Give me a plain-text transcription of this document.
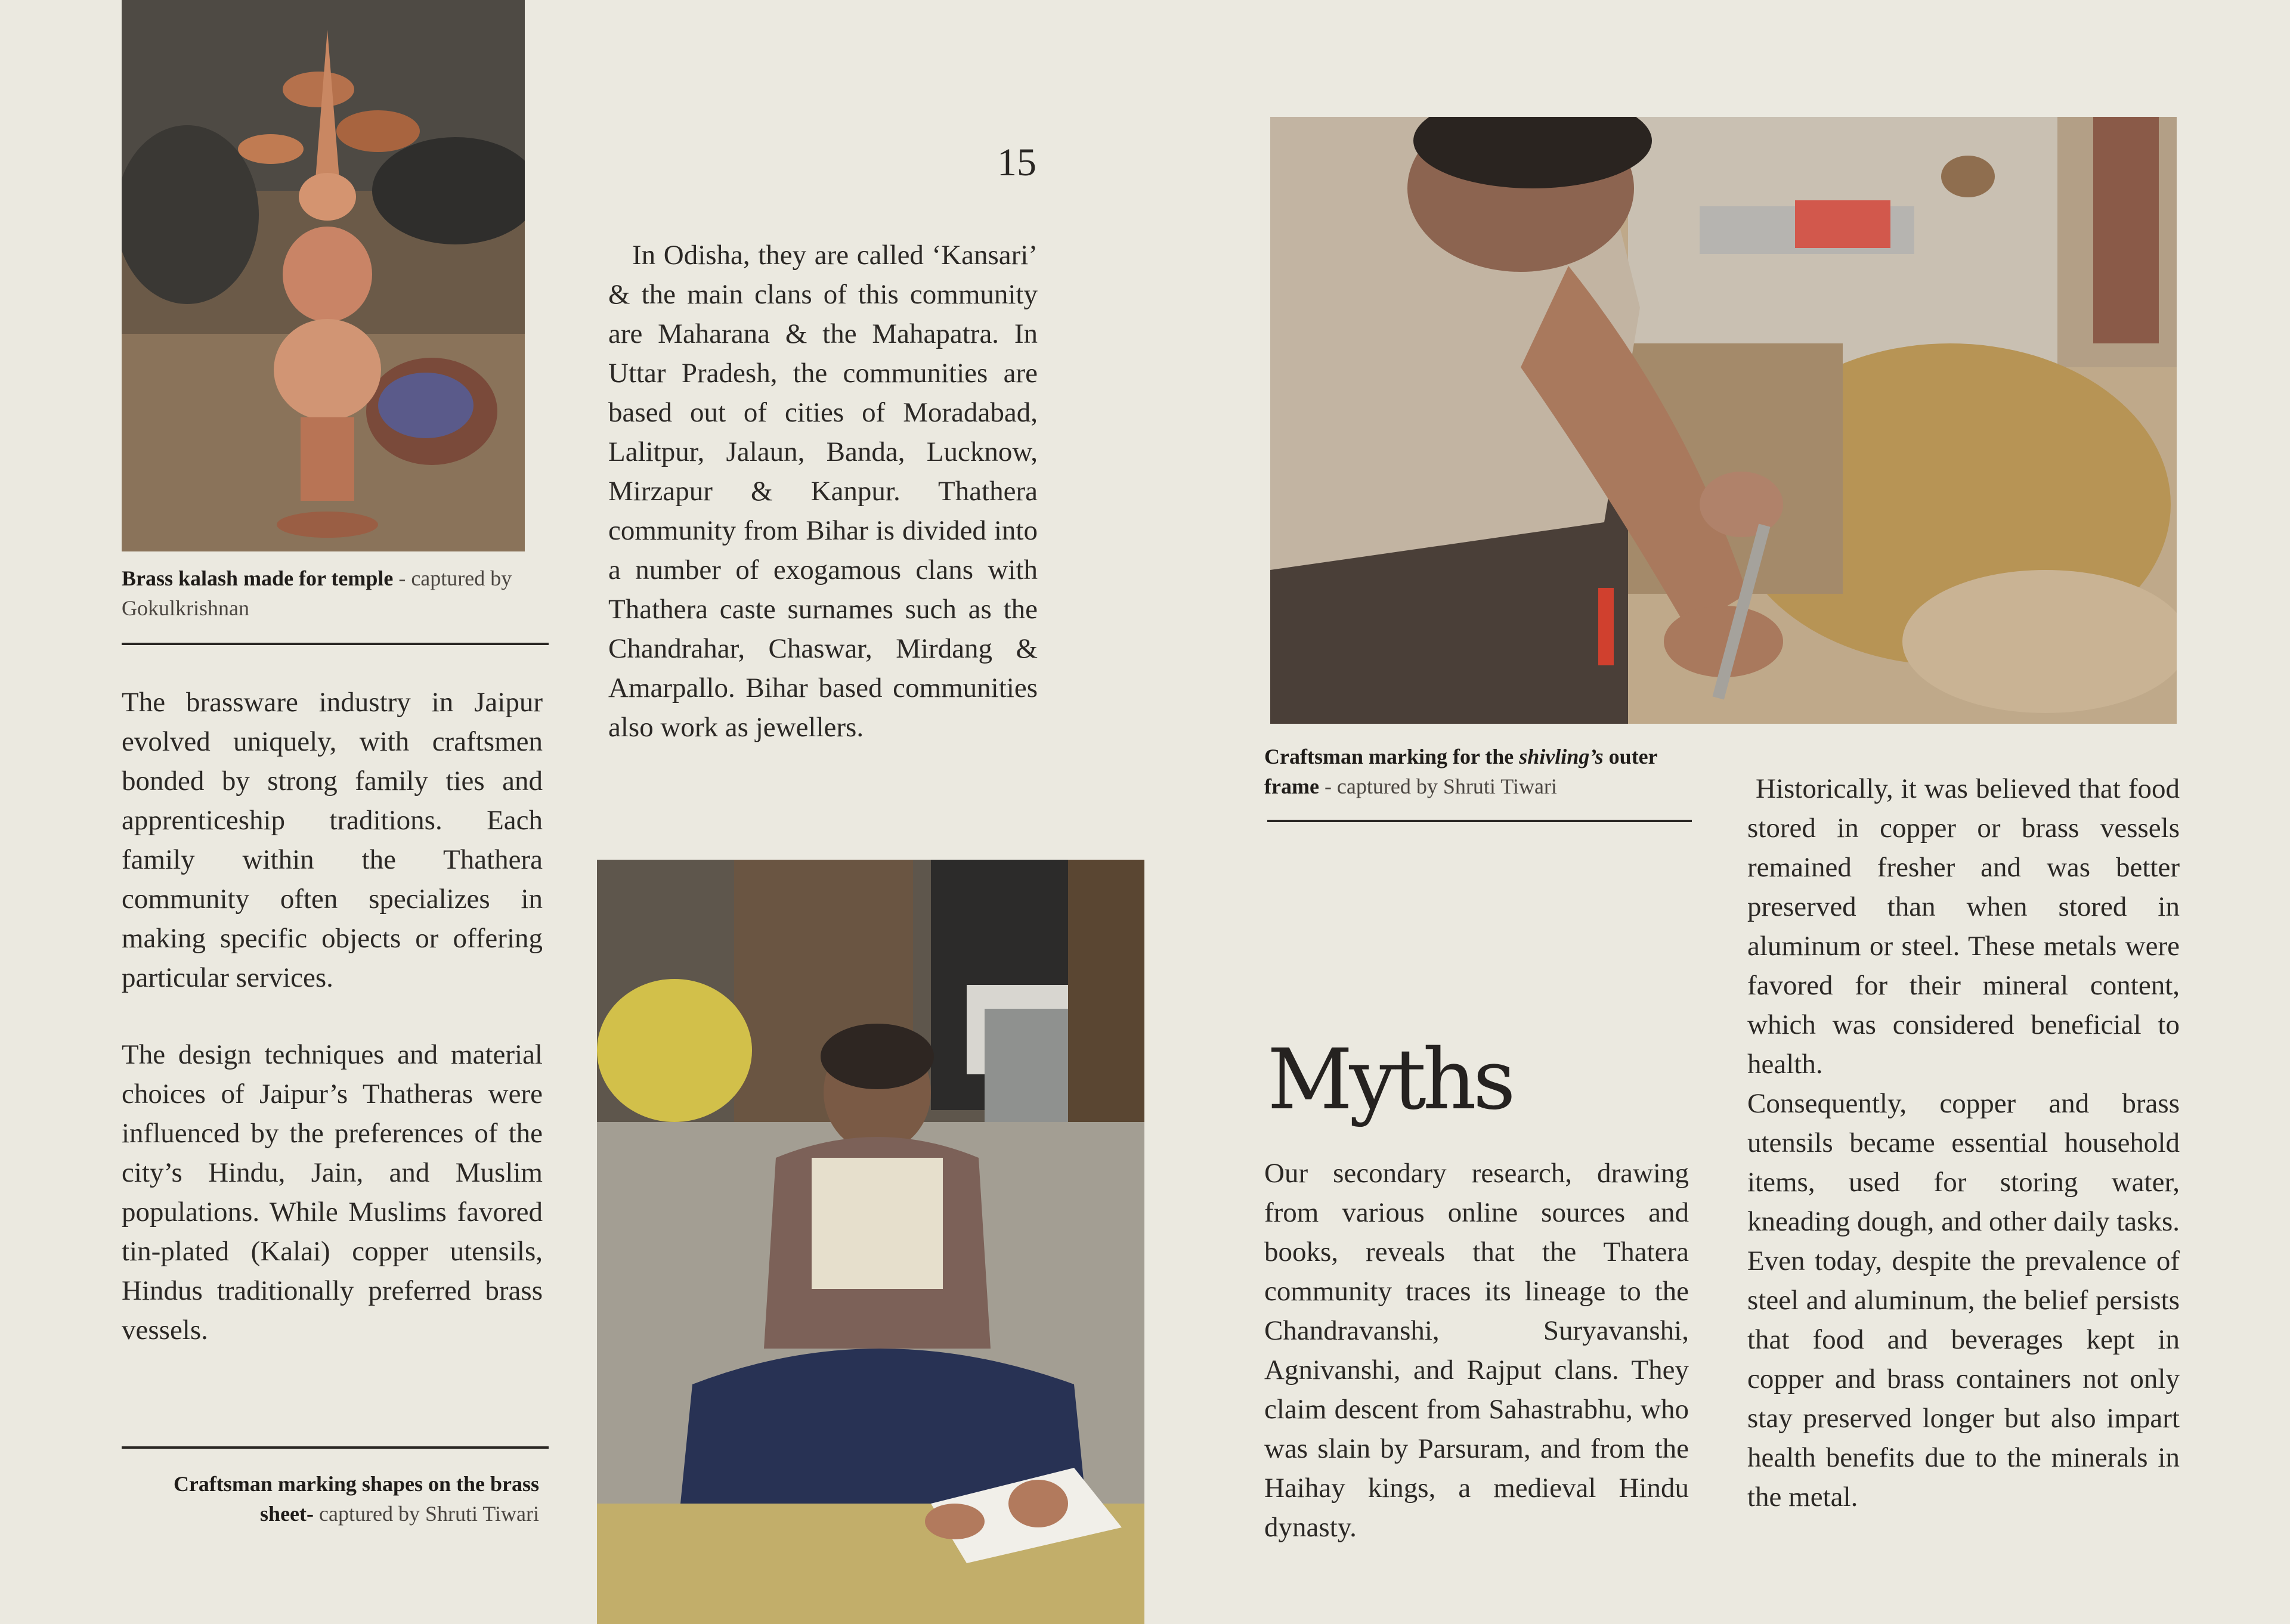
Brass kalash made for temple - captured by Gokulkrishnan

The brassware industry in Jaipur evolved uniquely, with craftsmen bonded by strong family ties and apprenticeship traditions. Each family within the Thathera community often specializes in making specific objects or offering particular services.

The design techniques and material choices of Jaipur’s Thatheras were influenced by the preferences of the city’s Hindu, Jain, and Muslim populations. While Muslims favored tin-plated (Kalai) copper utensils, Hindus traditionally preferred brass vessels.

Craftsman marking shapes on the brass sheet- captured by Shruti Tiwari

15

In Odisha, they are called ‘Kansari’ & the main clans of this community are Maharana & the Mahapatra. In Uttar Pradesh, the communities are based out of cities of Moradabad, Lalitpur, Jalaun, Banda, Lucknow, Mirzapur & Kanpur. Thathera community from Bihar is divided into a number of exogamous clans with Thathera caste surnames such as the Chandrahar, Chaswar, Mirdang & Amarpallo. Bihar based communities also work as jewellers.

Craftsman marking for the shivling’s outer frame - captured by Shruti Tiwari

Myths

Our secondary research, drawing from various online sources and books, reveals that the Thatera community traces its lineage to the Chandravanshi, Suryavanshi, Agnivanshi, and Rajput clans. They claim descent from Sahastrabhu, who was slain by Parsuram, and from the Haihay kings, a medieval Hindu dynasty.

Historically, it was believed that food stored in copper or brass vessels remained fresher and was better preserved than when stored in aluminum or steel. These metals were favored for their mineral content, which was considered beneficial to health.

Consequently, copper and brass utensils became essential household items, used for storing water, kneading dough, and other daily tasks. Even today, despite the prevalence of steel and aluminum, the belief persists that food and beverages kept in copper and brass containers not only stay preserved longer but also impart health benefits due to the minerals in the metal.
